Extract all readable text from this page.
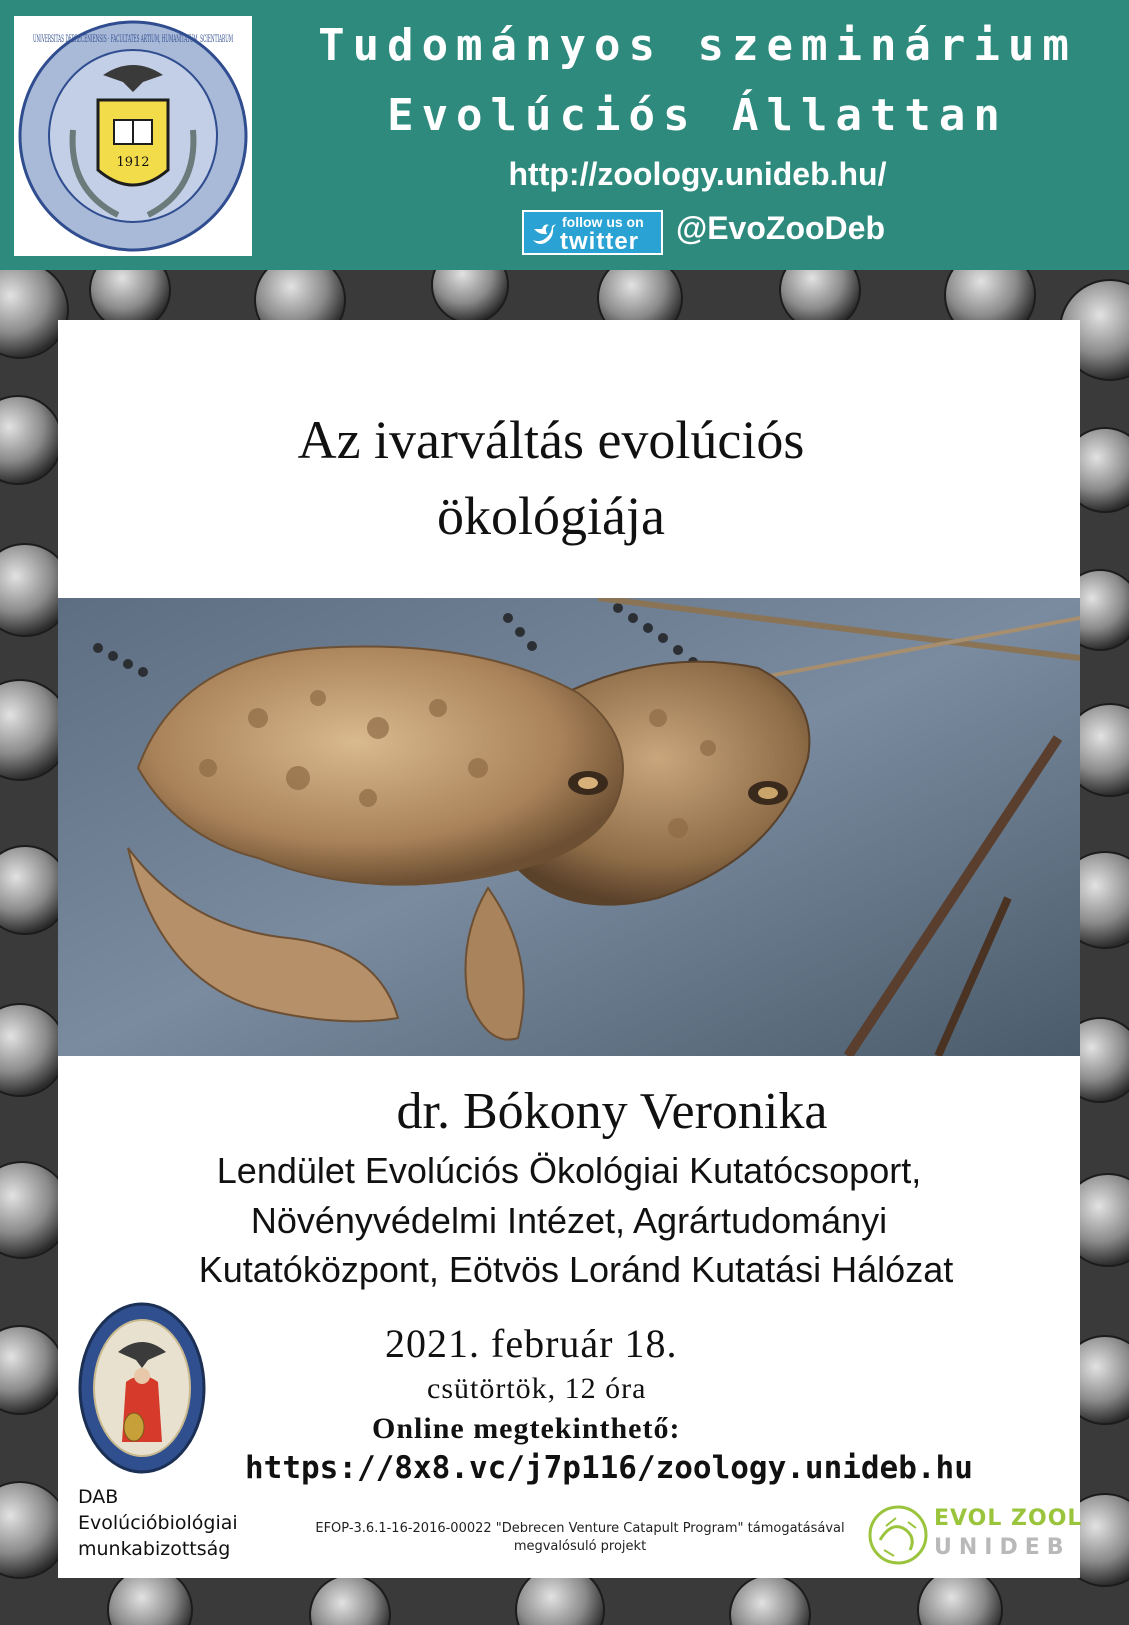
1912
UNIVERSITAS DEBRECENIENSIS · FACULTATES ARTIUM, HUMANITATUM, SCIENTIARUM	Tudományos szeminárium
Evolúciós Állattan
http://zoology.unideb.hu/
follow us on
twitter @EvoZooDeb
Az ivarváltás evolúciós
ökológiája
dr. Bókony Veronika
Lendület Evolúciós Ökológiai Kutatócsoport,
Növényvédelmi Intézet, Agrártudományi
Kutatóközpont, Eötvös Loránd Kutatási Hálózat
2021. február 18.
csütörtök, 12 óra
Online megtekinthető:
https://8x8.vc/j7p116/zoology.unideb.hu
DAB
Evolúcióbiológiai
munkabizottság
EFOP-3.6.1-16-2016-00022 "Debrecen Venture Catapult Program" támogatásával
megvalósuló projekt
EVOL ZOOL
UNIDEB
